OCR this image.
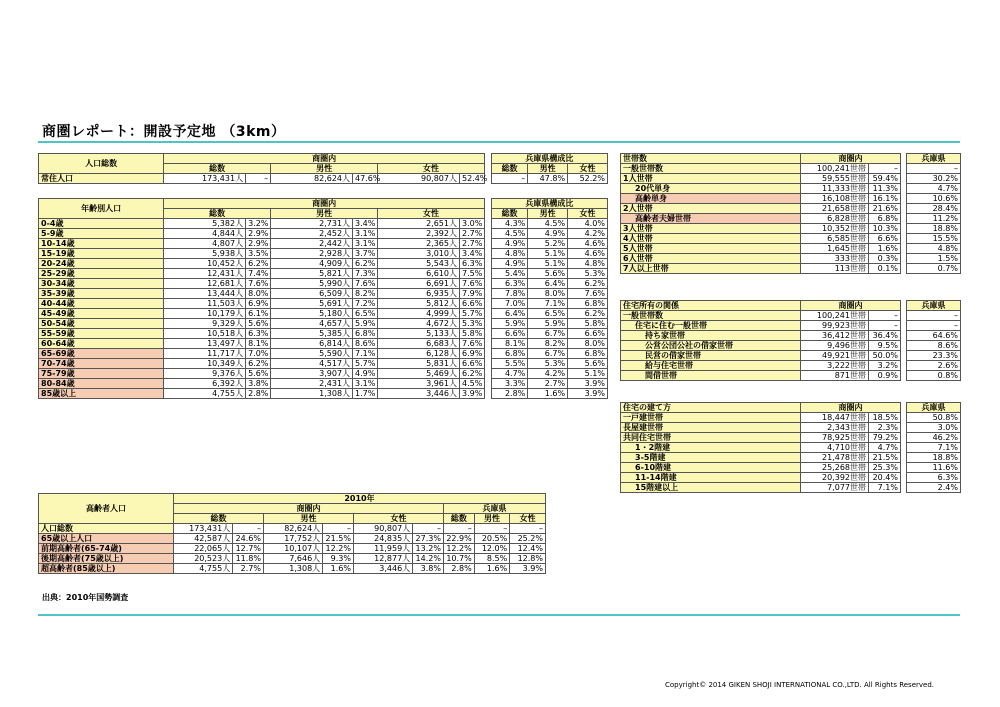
商圏レポート：開設予定地 （3km）
人口総数	商圏内							兵庫県構成比		
	総数		男性		女性			総数	男性	女性
常住人口	173,431人	–	82,624人	47.6%	90,807人	52.4%		–	47.8%	52.2%
年齢別人口	商圏内							兵庫県構成比		
	総数		男性		女性			総数	男性	女性
0-4歳	5,382人	3.2%	2,731人	3.4%	2,651人	3.0%		4.3%	4.5%	4.0%
5-9歳	4,844人	2.9%	2,452人	3.1%	2,392人	2.7%		4.5%	4.9%	4.2%
10-14歳	4,807人	2.9%	2,442人	3.1%	2,365人	2.7%		4.9%	5.2%	4.6%
15-19歳	5,938人	3.5%	2,928人	3.7%	3,010人	3.4%		4.8%	5.1%	4.6%
20-24歳	10,452人	6.2%	4,909人	6.2%	5,543人	6.3%		4.9%	5.1%	4.8%
25-29歳	12,431人	7.4%	5,821人	7.3%	6,610人	7.5%		5.4%	5.6%	5.3%
30-34歳	12,681人	7.6%	5,990人	7.6%	6,691人	7.6%		6.3%	6.4%	6.2%
35-39歳	13,444人	8.0%	6,509人	8.2%	6,935人	7.9%		7.8%	8.0%	7.6%
40-44歳	11,503人	6.9%	5,691人	7.2%	5,812人	6.6%		7.0%	7.1%	6.8%
45-49歳	10,179人	6.1%	5,180人	6.5%	4,999人	5.7%		6.4%	6.5%	6.2%
50-54歳	9,329人	5.6%	4,657人	5.9%	4,672人	5.3%		5.9%	5.9%	5.8%
55-59歳	10,518人	6.3%	5,385人	6.8%	5,133人	5.8%		6.6%	6.7%	6.6%
60-64歳	13,497人	8.1%	6,814人	8.6%	6,683人	7.6%		8.1%	8.2%	8.0%
65-69歳	11,717人	7.0%	5,590人	7.1%	6,128人	6.9%		6.8%	6.7%	6.8%
70-74歳	10,349人	6.2%	4,517人	5.7%	5,831人	6.6%		5.5%	5.3%	5.6%
75-79歳	9,376人	5.6%	3,907人	4.9%	5,469人	6.2%		4.7%	4.2%	5.1%
80-84歳	6,392人	3.8%	2,431人	3.1%	3,961人	4.5%		3.3%	2.7%	3.9%
85歳以上	4,755人	2.8%	1,308人	1.7%	3,446人	3.9%		2.8%	1.6%	3.9%
高齢者人口	2010年								
	商圏内						兵庫県		
	総数		男性		女性		総数	男性	女性
人口総数	173,431人	–	82,624人	–	90,807人	–	–	–	–
65歳以上人口	42,587人	24.6%	17,752人	21.5%	24,835人	27.3%	22.9%	20.5%	25.2%
前期高齢者(65-74歳)	22,065人	12.7%	10,107人	12.2%	11,959人	13.2%	12.2%	12.0%	12.4%
後期高齢者(75歳以上)	20,523人	11.8%	7,646人	9.3%	12,877人	14.2%	10.7%	8.5%	12.8%
超高齢者(85歳以上)	4,755人	2.7%	1,308人	1.6%	3,446人	3.8%	2.8%	1.6%	3.9%
世帯数	商圏内			兵庫県
一般世帯数	100,241世帯	–		–
1人世帯	59,555世帯	59.4%		30.2%
20代単身	11,333世帯	11.3%		4.7%
高齢単身	16,108世帯	16.1%		10.6%
2人世帯	21,658世帯	21.6%		28.4%
高齢者夫婦世帯	6,828世帯	6.8%		11.2%
3人世帯	10,352世帯	10.3%		18.8%
4人世帯	6,585世帯	6.6%		15.5%
5人世帯	1,645世帯	1.6%		4.8%
6人世帯	333世帯	0.3%		1.5%
7人以上世帯	113世帯	0.1%		0.7%
住宅所有の関係	商圏内			兵庫県
一般世帯数	100,241世帯	–		–
住宅に住む一般世帯	99,923世帯	–		–
持ち家世帯	36,412世帯	36.4%		64.6%
公営公団公社の借家世帯	9,496世帯	9.5%		8.6%
民営の借家世帯	49,921世帯	50.0%		23.3%
給与住宅世帯	3,222世帯	3.2%		2.6%
間借世帯	871世帯	0.9%		0.8%
住宅の建て方	商圏内			兵庫県
一戸建世帯	18,447世帯	18.5%		50.8%
長屋建世帯	2,343世帯	2.3%		3.0%
共同住宅世帯	78,925世帯	79.2%		46.2%
1・2階建	4,710世帯	4.7%		7.1%
3-5階建	21,478世帯	21.5%		18.8%
6-10階建	25,268世帯	25.3%		11.6%
11-14階建	20,392世帯	20.4%		6.3%
15階建以上	7,077世帯	7.1%		2.4%
出典：2010年国勢調査
Copyright© 2014 GIKEN SHOJI INTERNATIONAL CO.,LTD. All Rights Reserved.
